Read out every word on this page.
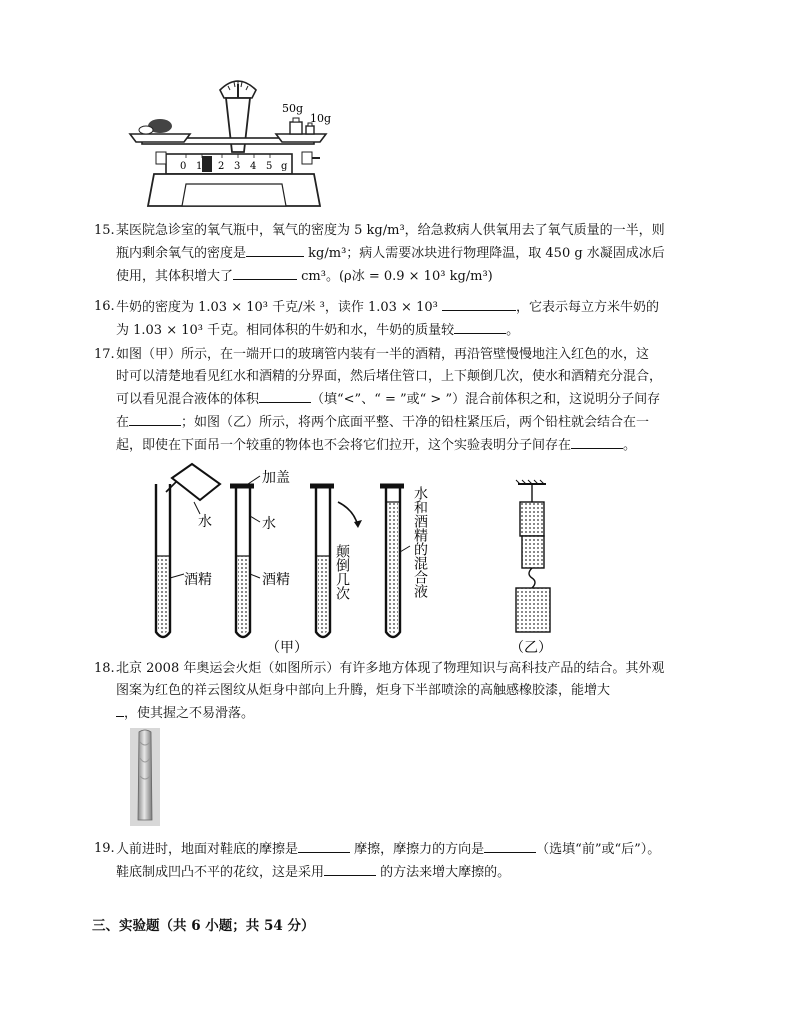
50g
10g
0 1 2 3 4 5 g
15. 某医院急诊室的氧气瓶中，氧气的密度为 5 kg/m³，给急救病人供氧用去了氧气质量的一半，则
瓶内剩余氧气的密度是	kg/m³；病人需要冰块进行物理降温，取 450 g 水凝固成冰后
使用，其体积增大了	cm³。(ρ冰 = 0.9 × 10³ kg/m³)
16. 牛奶的密度为 1.03 × 10³ 千克/米 ³，读作 1.03 × 10³	，它表示每立方米牛奶的
为 1.03 × 10³ 千克。相同体积的牛奶和水，牛奶的质量较	。
17. 如图（甲）所示，在一端开口的玻璃管内装有一半的酒精，再沿管壁慢慢地注入红色的水，这
时可以清楚地看见红水和酒精的分界面，然后堵住管口，上下颠倒几次，使水和酒精充分混合，
可以看见混合液体的体积	（填“<”、“ = ”或“ > ”）混合前体积之和，这说明分子间存
在	；如图（乙）所示，将两个底面平整、干净的铅柱紧压后，两个铅柱就会结合在一
起，即使在下面吊一个较重的物体也不会将它们拉开，这个实验表明分子间存在	。
水
酒精
加盖
水
酒精	颠倒几次	水和酒精的混合液
（甲）	（乙）
18. 北京 2008 年奥运会火炬（如图所示）有许多地方体现了物理知识与高科技产品的结合。其外观
图案为红色的祥云图纹从炬身中部向上升腾，炬身下半部喷涂的高触感橡胶漆，能增大
，使其握之不易滑落。
19. 人前进时，地面对鞋底的摩擦是	摩擦，摩擦力的方向是	（选填“前”或“后”）。
鞋底制成凹凸不平的花纹，这是采用	的方法来增大摩擦的。
三、实验题（共 6 小题；共 54 分）
